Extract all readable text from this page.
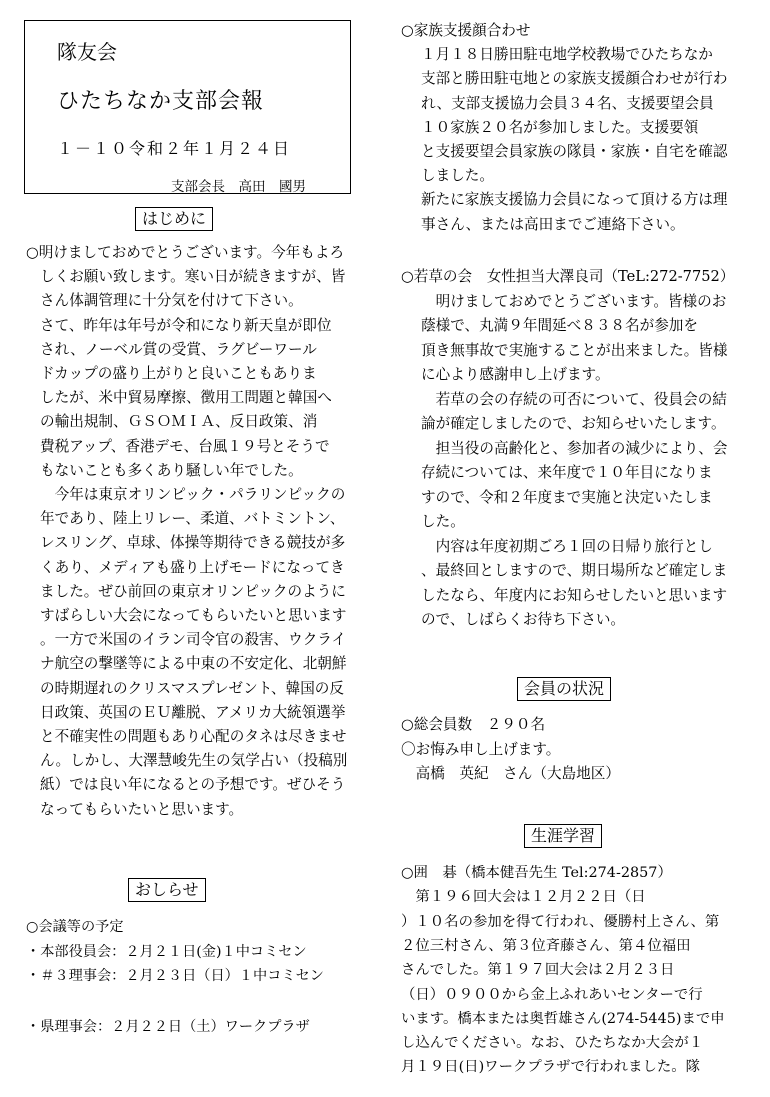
隊友会
ひたちなか支部会報
１－１０令和２年１月２４日
支部会長　高田　國男
はじめに
○明けましておめでとうございます。今年もよろ
しくお願い致します。寒い日が続きますが、皆
さん体調管理に十分気を付けて下さい。
さて、昨年は年号が令和になり新天皇が即位
され、ノーベル賞の受賞、ラグビーワール
ドカップの盛り上がりと良いこともありま
したが、米中貿易摩擦、徴用工問題と韓国へ
の輸出規制、ＧＳＯＭＩＡ、反日政策、消
費税アップ、香港デモ、台風１９号とそうで
もないことも多くあり騒しい年でした。
　今年は東京オリンピック・パラリンピックの
年であり、陸上リレー、柔道、バトミントン、
レスリング、卓球、体操等期待できる競技が多
くあり、メディアも盛り上げモードになってき
ました。ぜひ前回の東京オリンピックのように
すばらしい大会になってもらいたいと思います
。一方で米国のイラン司令官の殺害、ウクライ
ナ航空の撃墜等による中東の不安定化、北朝鮮
の時期遅れのクリスマスプレゼント、韓国の反
日政策、英国のＥＵ離脱、アメリカ大統領選挙
と不確実性の問題もあり心配のタネは尽きませ
ん。しかし、大澤慧峻先生の気学占い（投稿別
紙）では良い年になるとの予想です。ぜひそう
なってもらいたいと思います。
おしらせ
○会議等の予定
・本部役員会：２月２１日(金)１中コミセン
・＃３理事会：２月２３日（日）１中コミセン
・県理事会：２月２２日（土）ワークプラザ
○家族支援顔合わせ
１月１８日勝田駐屯地学校教場でひたちなか
支部と勝田駐屯地との家族支援顔合わせが行わ
れ、支部支援協力会員３４名、支援要望会員
１０家族２０名が参加しました。支援要領
と支援要望会員家族の隊員・家族・自宅を確認
しました。
新たに家族支援協力会員になって頂ける方は理
事さん、または高田までご連絡下さい。
○若草の会　女性担当大澤良司（TeL:272-7752）
　明けましておめでとうございます。皆様のお
蔭様で、丸満９年間延べ８３８名が参加を
頂き無事故で実施することが出来ました。皆様
に心より感謝申し上げます。
　若草の会の存続の可否について、役員会の結
論が確定しましたので、お知らせいたします。
　担当役の高齢化と、参加者の減少により、会
存続については、来年度で１０年目になりま
すので、令和２年度まで実施と決定いたしま
した。
　内容は年度初期ごろ１回の日帰り旅行とし
、最終回としますので、期日場所など確定しま
したなら、年度内にお知らせしたいと思います
ので、しばらくお待ち下さい。
会員の状況
○総会員数　２９０名
〇お悔み申し上げます。
　高橋　英紀　さん（大島地区）
生涯学習
○囲　碁（橋本健吾先生 Tel:274-2857）
　第１９６回大会は１２月２２日（日
）１０名の参加を得て行われ、優勝村上さん、第
２位三村さん、第３位斉藤さん、第４位福田
さんでした。第１９７回大会は２月２３日
（日）０９００から金上ふれあいセンターで行
います。橋本または奥哲雄さん(274-5445)まで申
し込んでください。なお、ひたちなか大会が１
月１９日(日)ワークプラザで行われました。隊
